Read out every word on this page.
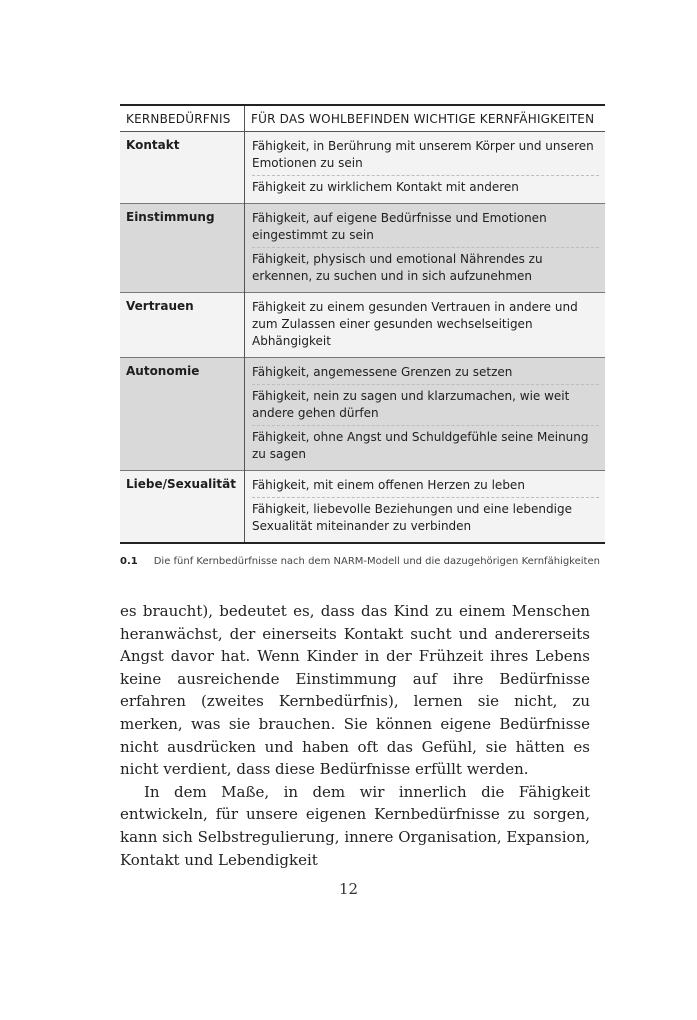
KERNBEDÜRFNIS	FÜR DAS WOHLBEFINDEN WICHTIGE KERNFÄHIGKEITEN
Kontakt	Fähigkeit, in Berührung mit unserem Körper und unseren Emotionen zu sein
Fähigkeit zu wirklichem Kontakt mit anderen

Einstimmung	Fähigkeit, auf eigene Bedürfnisse und Emotionen eingestimmt zu sein
Fähigkeit, physisch und emotional Nährendes zu erkennen, zu suchen und in sich aufzunehmen

Vertrauen	Fähigkeit zu einem gesunden Vertrauen in andere und zum Zulassen einer gesunden wechselseitigen Abhängigkeit

Autonomie	Fähigkeit, angemessene Grenzen zu setzen
Fähigkeit, nein zu sagen und klarzumachen, wie weit andere gehen dürfen
Fähigkeit, ohne Angst und Schuldgefühle seine Meinung zu sagen

Liebe/Sexualität	Fähigkeit, mit einem offenen Herzen zu leben
Fähigkeit, liebevolle Beziehungen und eine lebendige Sexualität miteinander zu verbinden
0.1 Die fünf Kernbedürfnisse nach dem NARM-Modell und die dazugehörigen Kernfähigkeiten

es braucht), bedeutet es, dass das Kind zu einem Menschen heranwächst, der einerseits Kontakt sucht und andererseits Angst davor hat. Wenn Kinder in der Frühzeit ihres Lebens keine ausreichende Einstimmung auf ihre Bedürfnisse erfahren (zweites Kernbedürfnis), lernen sie nicht, zu merken, was sie brauchen. Sie können eigene Bedürfnisse nicht ausdrücken und haben oft das Gefühl, sie hätten es nicht verdient, dass diese Bedürfnisse erfüllt werden.

In dem Maße, in dem wir innerlich die Fähigkeit entwickeln, für unsere eigenen Kernbedürfnisse zu sorgen, kann sich Selbstregulierung, innere Organisation, Expansion, Kontakt und Lebendigkeit

12
